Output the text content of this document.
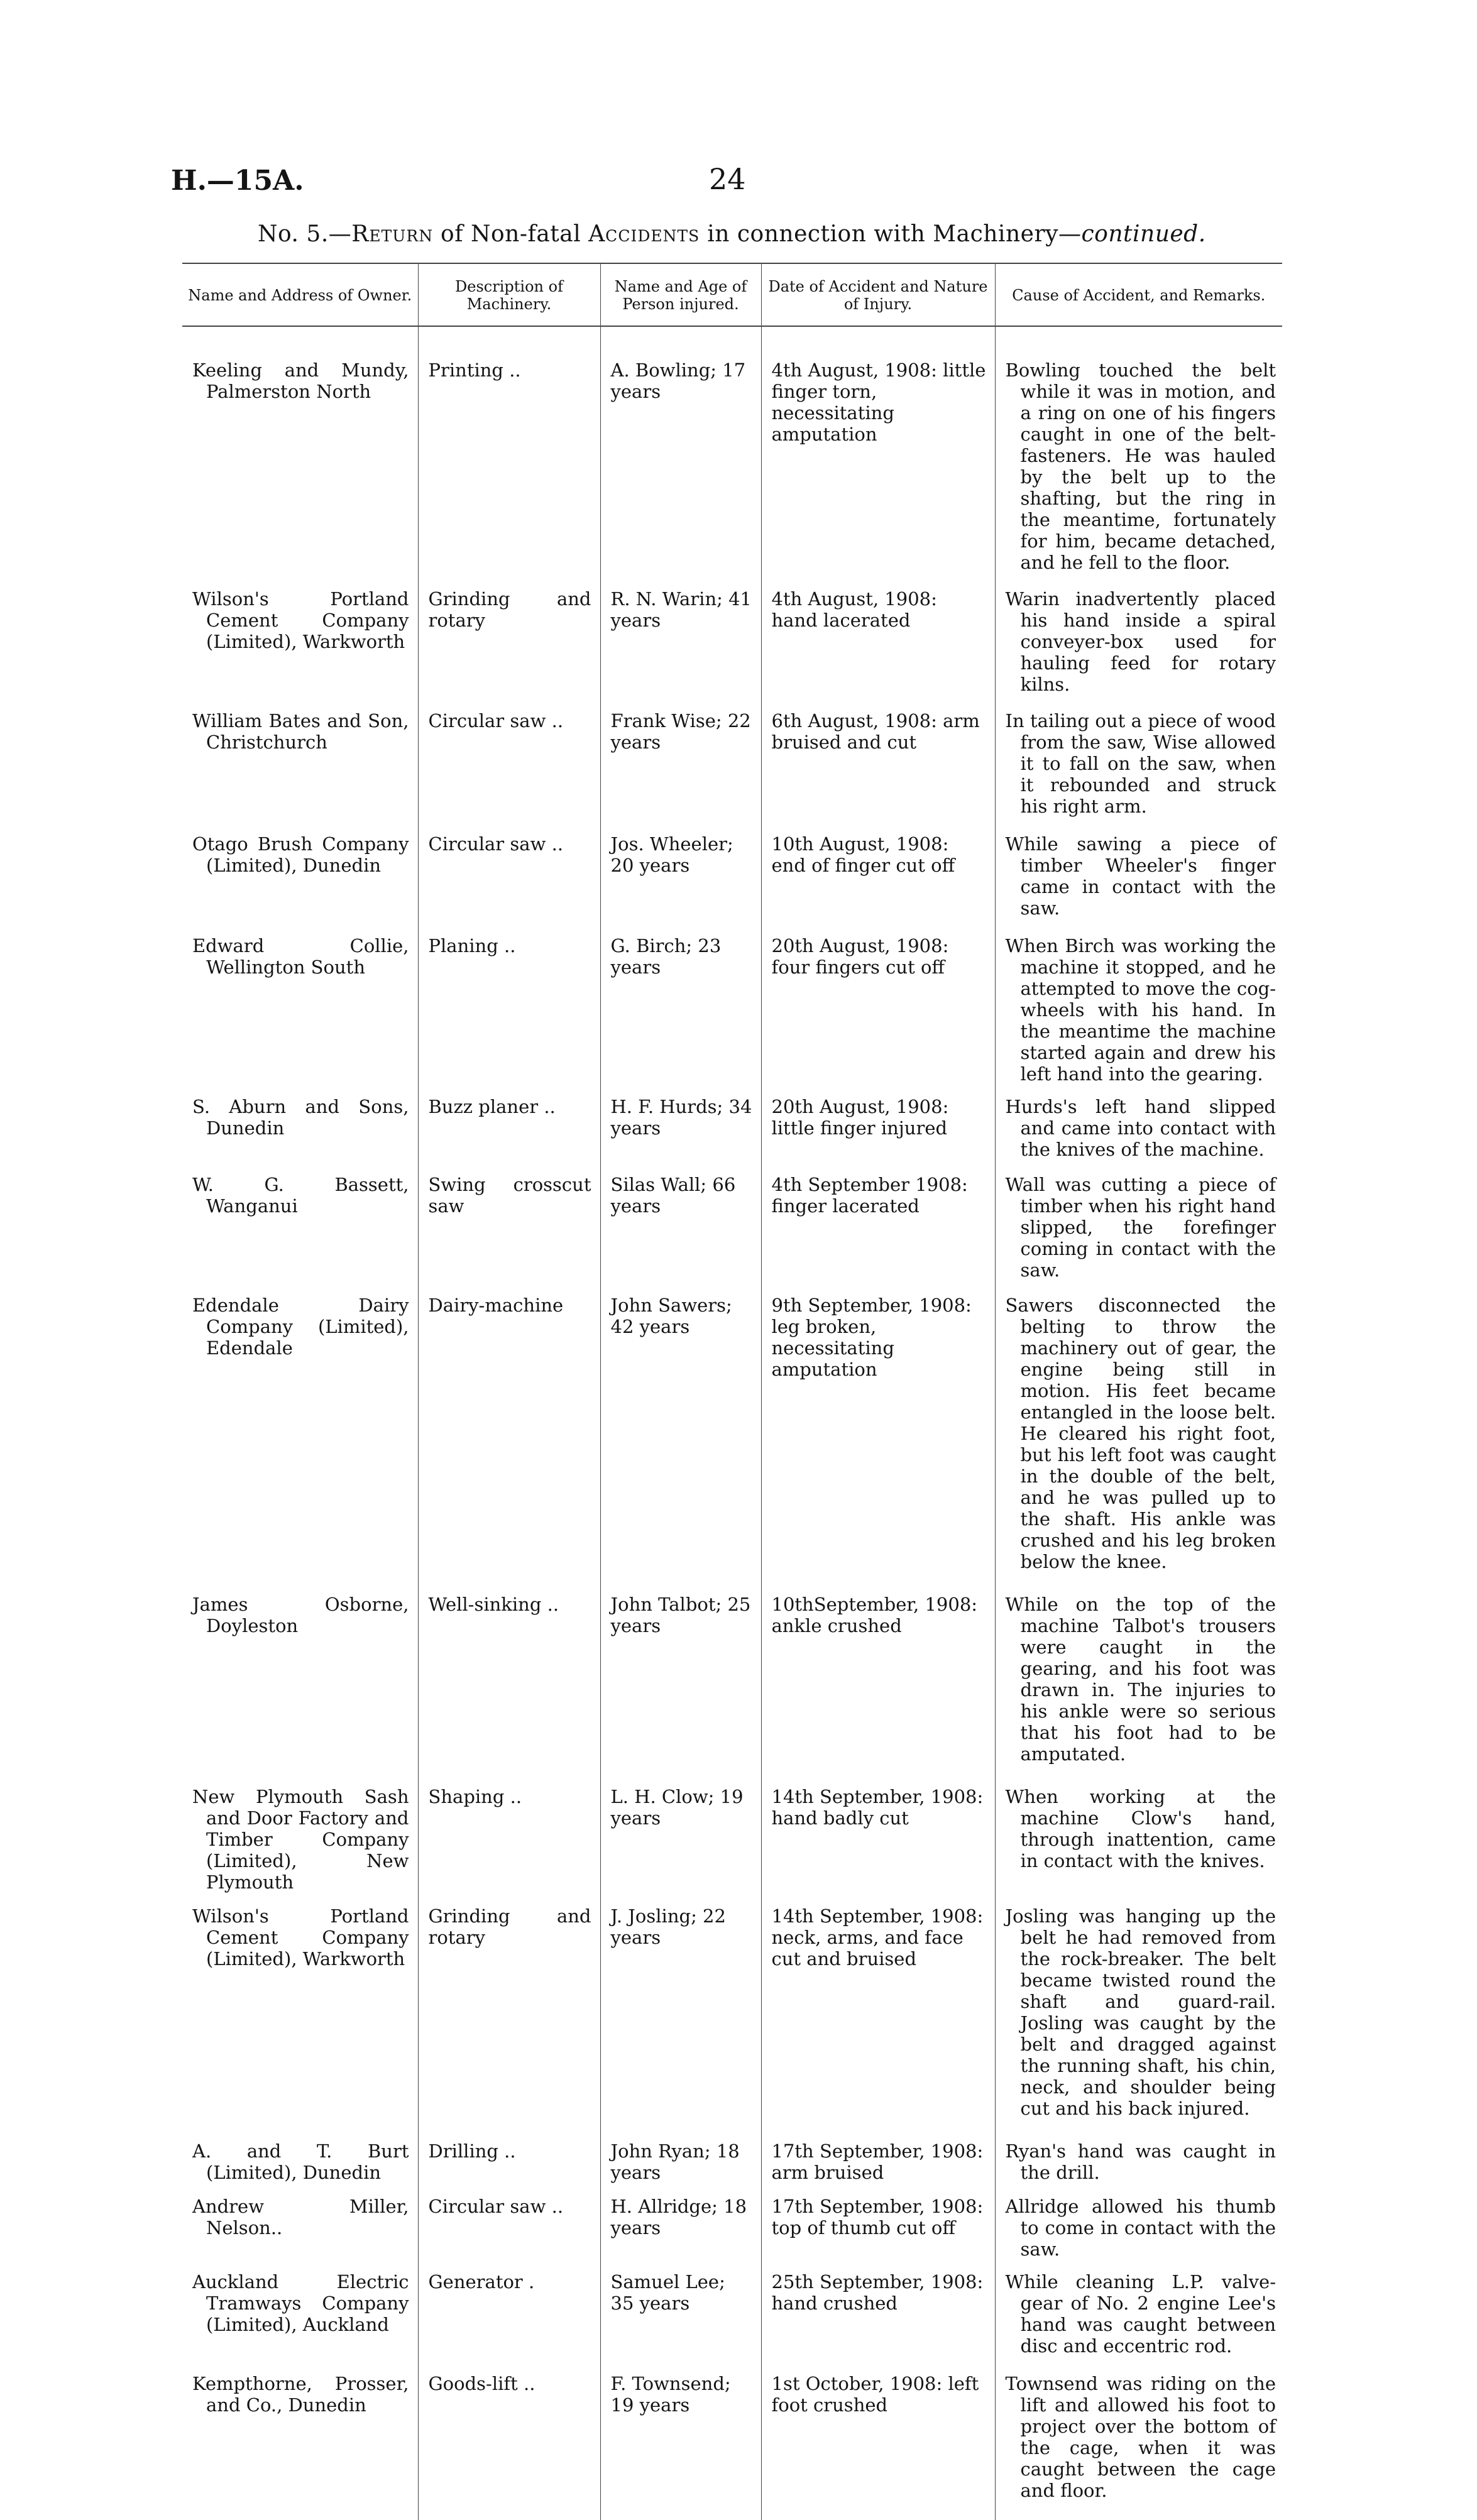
H.—15A.	24
No. 5.—Return of Non-fatal Accidents in connection with Machinery—continued.
Name and Address of Owner.	Description of Machinery.	Name and Age of Person injured.	Date of Accident and Nature of Injury.	Cause of Accident, and Remarks.
Keeling and Mundy, Palmerston North	Printing ..	A. Bowling; 17 years	4th August, 1908: little finger torn, necessitating amputation	Bowling touched the belt while it was in motion, and a ring on one of his fingers caught in one of the belt-fasteners. He was hauled by the belt up to the shafting, but the ring in the meantime, fortunately for him, became detached, and he fell to the floor.
Wilson's Portland Cement Company (Limited), Warkworth	Grinding and rotary	R. N. Warin; 41 years	4th August, 1908: hand lacerated	Warin inadvertently placed his hand inside a spiral conveyer-box used for hauling feed for rotary kilns.
William Bates and Son, Christchurch	Circular saw ..	Frank Wise; 22 years	6th August, 1908: arm bruised and cut	In tailing out a piece of wood from the saw, Wise allowed it to fall on the saw, when it rebounded and struck his right arm.
Otago Brush Company (Limited), Dunedin	Circular saw ..	Jos. Wheeler; 20 years	10th August, 1908: end of finger cut off	While sawing a piece of timber Wheeler's finger came in contact with the saw.
Edward Collie, Wellington South	Planing ..	G. Birch; 23 years	20th August, 1908: four fingers cut off	When Birch was working the machine it stopped, and he attempted to move the cog-wheels with his hand. In the meantime the machine started again and drew his left hand into the gearing.
S. Aburn and Sons, Dunedin	Buzz planer ..	H. F. Hurds; 34 years	20th August, 1908: little finger injured	Hurds's left hand slipped and came into contact with the knives of the machine.
W. G. Bassett, Wanganui	Swing crosscut saw	Silas Wall; 66 years	4th September 1908: finger lacerated	Wall was cutting a piece of timber when his right hand slipped, the forefinger coming in contact with the saw.
Edendale Dairy Company (Limited), Edendale	Dairy-machine	John Sawers; 42 years	9th September, 1908: leg broken, necessitating amputation	Sawers disconnected the belting to throw the machinery out of gear, the engine being still in motion. His feet became entangled in the loose belt. He cleared his right foot, but his left foot was caught in the double of the belt, and he was pulled up to the shaft. His ankle was crushed and his leg broken below the knee.
James Osborne, Doyleston	Well-sinking ..	John Talbot; 25 years	10thSeptember, 1908: ankle crushed	While on the top of the machine Talbot's trousers were caught in the gearing, and his foot was drawn in. The injuries to his ankle were so serious that his foot had to be amputated.
New Plymouth Sash and Door Factory and Timber Company (Limited), New Plymouth	Shaping ..	L. H. Clow; 19 years	14th September, 1908: hand badly cut	When working at the machine Clow's hand, through inattention, came in contact with the knives.
Wilson's Portland Cement Company (Limited), Warkworth	Grinding and rotary	J. Josling; 22 years	14th September, 1908: neck, arms, and face cut and bruised	Josling was hanging up the belt he had removed from the rock-breaker. The belt became twisted round the shaft and guard-rail. Josling was caught by the belt and dragged against the running shaft, his chin, neck, and shoulder being cut and his back injured.
A. and T. Burt (Limited), Dunedin	Drilling ..	John Ryan; 18 years	17th September, 1908: arm bruised	Ryan's hand was caught in the drill.
Andrew Miller, Nelson..	Circular saw ..	H. Allridge; 18 years	17th September, 1908: top of thumb cut off	Allridge allowed his thumb to come in contact with the saw.
Auckland Electric Tramways Company (Limited), Auckland	Generator .	Samuel Lee; 35 years	25th September, 1908: hand crushed	While cleaning L.P. valve-gear of No. 2 engine Lee's hand was caught between disc and eccentric rod.
Kempthorne, Prosser, and Co., Dunedin	Goods-lift ..	F. Townsend; 19 years	1st October, 1908: left foot crushed	Townsend was riding on the lift and allowed his foot to project over the bottom of the cage, when it was caught between the cage and floor.
